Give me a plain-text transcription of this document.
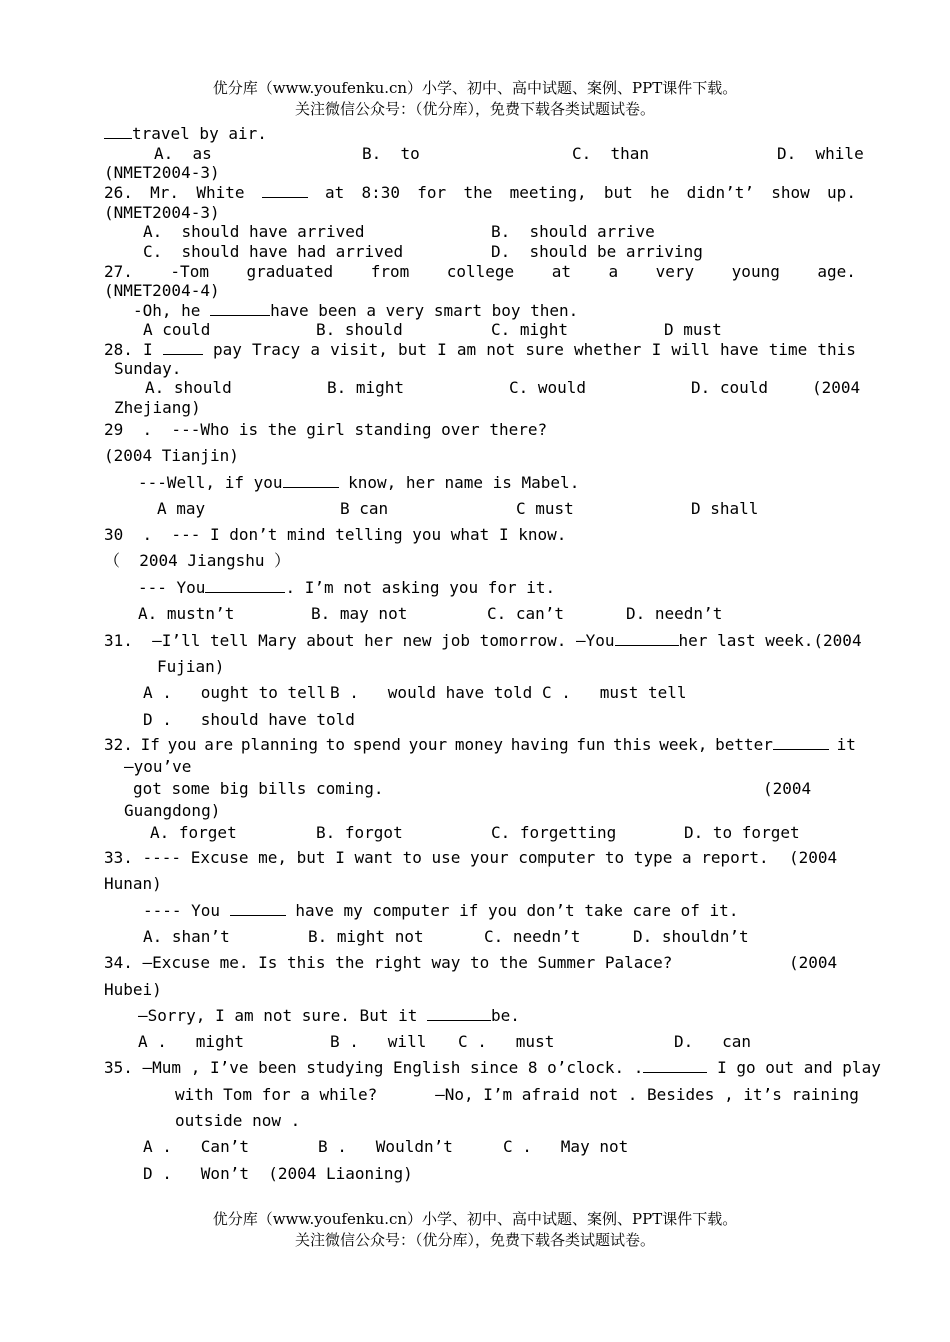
优分库（www.youfenku.cn）小学、初中、高中试题、案例、PPT课件下载。
关注微信公众号：（优分库），免费下载各类试题试卷。
travel by air.
A.  as	B.  to	C.  than	D.  while
(NMET2004-3)
26. Mr. White	at 8:30 for the meeting, but he didn’t’ show up.
(NMET2004-3)
A.  should have arrived	B.  should arrive
C.  should have had arrived	D.  should be arriving
27. -Tom graduated from college at a very young age.
(NMET2004-4)
-Oh, he	have been a very smart boy then.
A could	B. should	C. might	D must
28. I	pay Tracy a visit, but I am not sure whether I will have time this
Sunday.
A. should	B. might	C. would	D. could	(2004
Zhejiang)
29  .  ---Who is the girl standing over there?
(2004 Tianjin)
---Well, if you	know, her name is Mabel.
A may	B can	C must	D shall
30  .  --- I don’t mind telling you what I know.
（  2004 Jiangshu ）
--- You	. I’m not asking you for it.
A. mustn’t	B. may not	C. can’t	D. needn’t
31.  —I’ll tell Mary about her new job tomorrow. —You	her last week.(2004
Fujian)
A .   ought to tell B .   would have told C .   must tell
D .   should have told
32. If you are planning to spend your money having fun this week, better	it
—you’ve
got some big bills coming.	(2004
Guangdong)
A. forget	B. forgot	C. forgetting	D. to forget
33. ---- Excuse me, but I want to use your computer to type a report. (2004
Hunan)
---- You	have my computer if you don’t take care of it.
A. shan’t	B. might not	C. needn’t	D. shouldn’t
34. —Excuse me. Is this the right way to the Summer Palace?	(2004
Hubei)
—Sorry, I am not sure. But it	be.
A .   might	B .   will C .   must	D.   can
35. —Mum , I’ve been studying English since 8 o’clock. .	I go out and play
with Tom for a while?      —No, I’m afraid not . Besides , it’s raining
outside now .
A .   Can’t	B .   Wouldn’t	C .   May not
D .   Won’t  (2004 Liaoning)
优分库（www.youfenku.cn）小学、初中、高中试题、案例、PPT课件下载。
关注微信公众号：（优分库），免费下载各类试题试卷。
